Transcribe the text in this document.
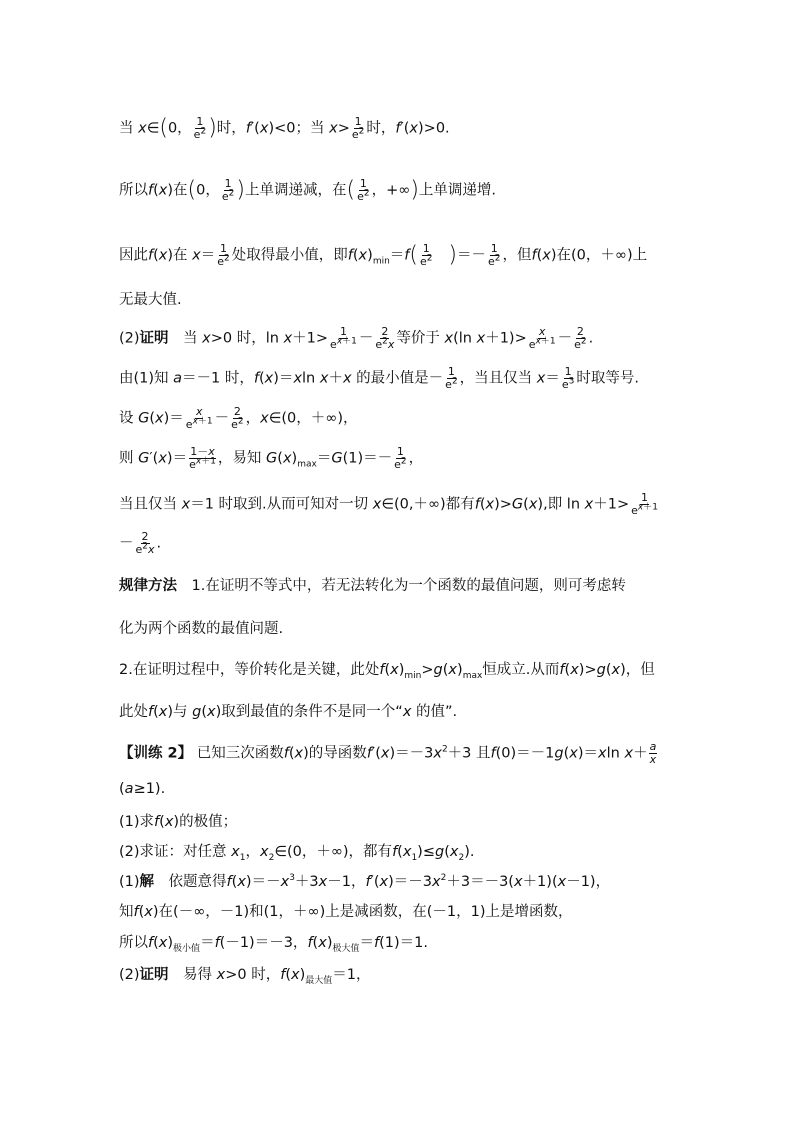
当 x∈(0， $\frac{1}{e^2}$ )时，f′(x)<0；当 $x> \frac{1}{e^2}$ 时，f′(x)>0.
所以f(x)在(0， $\frac{1}{e^2}$ )上单调递减，在( $\frac{1}{e^2}$ ，+∞)上单调递增.
因此f(x)在 $x= \frac{1}{e^2}$ 处取得最小值，即$f(x)_{min}=f( \frac{1}{e^2}$ )＝－ $\frac{1}{e^2}$ ，但f(x)在(0，＋∞)上
无最大值.
(2)证明　当 x>0 时，$\ln x+1> \frac{1}{e^{x+1}} - \frac{2}{e^2x}$ 等价于 x(ln $x+1)> \frac{x}{e^{x+1}} - \frac{2}{e^2}$ .
由(1)知 a＝－1 时，f(x)＝xln x＋x 的最小值是－ $\frac{1}{e^2}$ ，当且仅当 $x= \frac{1}{e^3}$ 时取等号.
设 $G(x)= \frac{x}{e^{x+1}} - \frac{2}{e^2}$ ，x∈(0，＋∞)，
则 $G'(x)= \frac{1-x}{e^{x+1}}$ ，易知 $G(x)_{max}=G(1)=- \frac{1}{e^2}$ ，
当且仅当 x＝1 时取到.从而可知对一切 x∈(0,＋∞)都有f(x)>G(x),即 $\ln x+1> \frac{1}{e^{x+1}}$
－ $\frac{2}{e^2x}$ .
规律方法　1.在证明不等式中，若无法转化为一个函数的最值问题，则可考虑转
化为两个函数的最值问题.
2.在证明过程中，等价转化是关键，此处$f(x)_{min}>g(x)_{max}$恒成立.从而f(x)>g(x)，但
此处f(x)与 g(x)取到最值的条件不是同一个“x 的值”.
【训练 2】 已知三次函数f(x)的导函数$f'(x)=-3x^2+3$ 且f(0)＝－1g(x)＝xln $x+ \frac{a}{x}$
(a≥1).
(1)求f(x)的极值；
(2)求证：对任意 $x_1$，$x_2\in(0$，＋∞)，都有$f(x_1)\le g(x_2)$.
(1)解　依题意得$f(x)=-x^3+3x-1$，$f'(x)=-3x^2+3=-3(x+1)(x-1)$，
知f(x)在(－∞，－1)和(1，＋∞)上是减函数，在(－1，1)上是增函数，
所以$f(x)_{极小值}=f(-1)=-3$，$f(x)_{极大值}=f(1)=1$.
(2)证明　易得 x>0 时，$f(x)_{最大值}=1$，
